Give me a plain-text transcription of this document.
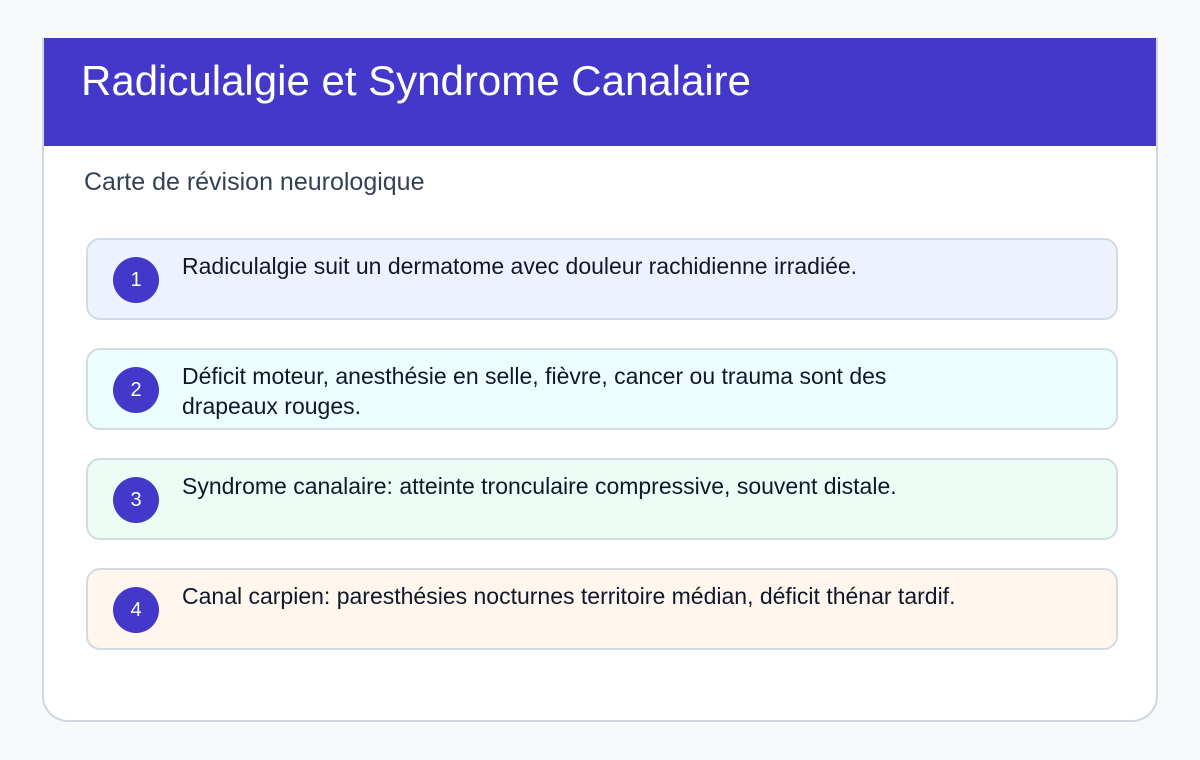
Radiculalgie et Syndrome Canalaire
Carte de révision neurologique
1
Radiculalgie suit un dermatome avec douleur rachidienne irradiée.
2
Déficit moteur, anesthésie en selle, fièvre, cancer ou trauma sont des drapeaux rouges.
3
Syndrome canalaire: atteinte tronculaire compressive, souvent distale.
4
Canal carpien: paresthésies nocturnes territoire médian, déficit thénar tardif.
